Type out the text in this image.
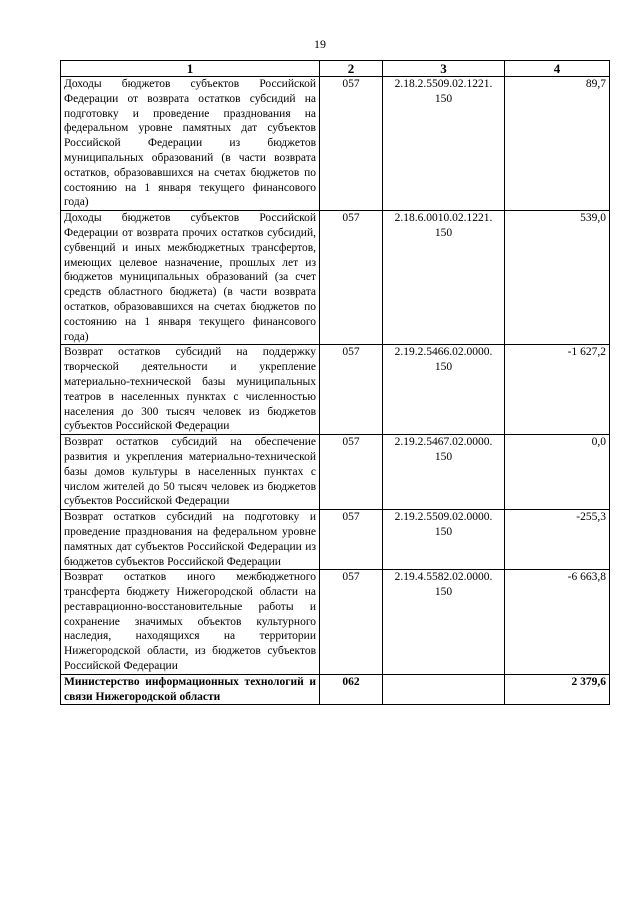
19
1	2	3	4
Доходы бюджетов субъектов Российской Федерации от возврата остатков субсидий на подготовку и проведение празднования на федеральном уровне памятных дат субъектов Российской Федерации из бюджетов муниципальных образований (в части возврата остатков, образовавшихся на счетах бюджетов по состоянию на 1 января текущего финансового года)	057	2.18.2.5509.02.1221. 150	89,7
Доходы бюджетов субъектов Российской Федерации от возврата прочих остатков субсидий, субвенций и иных межбюджетных трансфертов, имеющих целевое назначение, прошлых лет из бюджетов муниципальных образований (за счет средств областного бюджета) (в части возврата остатков, образовавшихся на счетах бюджетов по состоянию на 1 января текущего финансового года)	057	2.18.6.0010.02.1221. 150	539,0
Возврат остатков субсидий на поддержку творческой деятельности и укрепление материально-технической базы муниципальных театров в населенных пунктах с численностью населения до 300 тысяч человек из бюджетов субъектов Российской Федерации	057	2.19.2.5466.02.0000. 150	-1 627,2
Возврат остатков субсидий на обеспечение развития и укрепления материально-технической базы домов культуры в населенных пунктах с числом жителей до 50 тысяч человек из бюджетов субъектов Российской Федерации	057	2.19.2.5467.02.0000. 150	0,0
Возврат остатков субсидий на подготовку и проведение празднования на федеральном уровне памятных дат субъектов Российской Федерации из бюджетов субъектов Российской Федерации	057	2.19.2.5509.02.0000. 150	-255,3
Возврат остатков иного межбюджетного трансферта бюджету Нижегородской области на реставрационно-восстановительные работы и сохранение значимых объектов культурного наследия, находящихся на территории Нижегородской области, из бюджетов субъектов Российской Федерации	057	2.19.4.5582.02.0000. 150	-6 663,8
Министерство информационных технологий и связи Нижегородской области	062		2 379,6
